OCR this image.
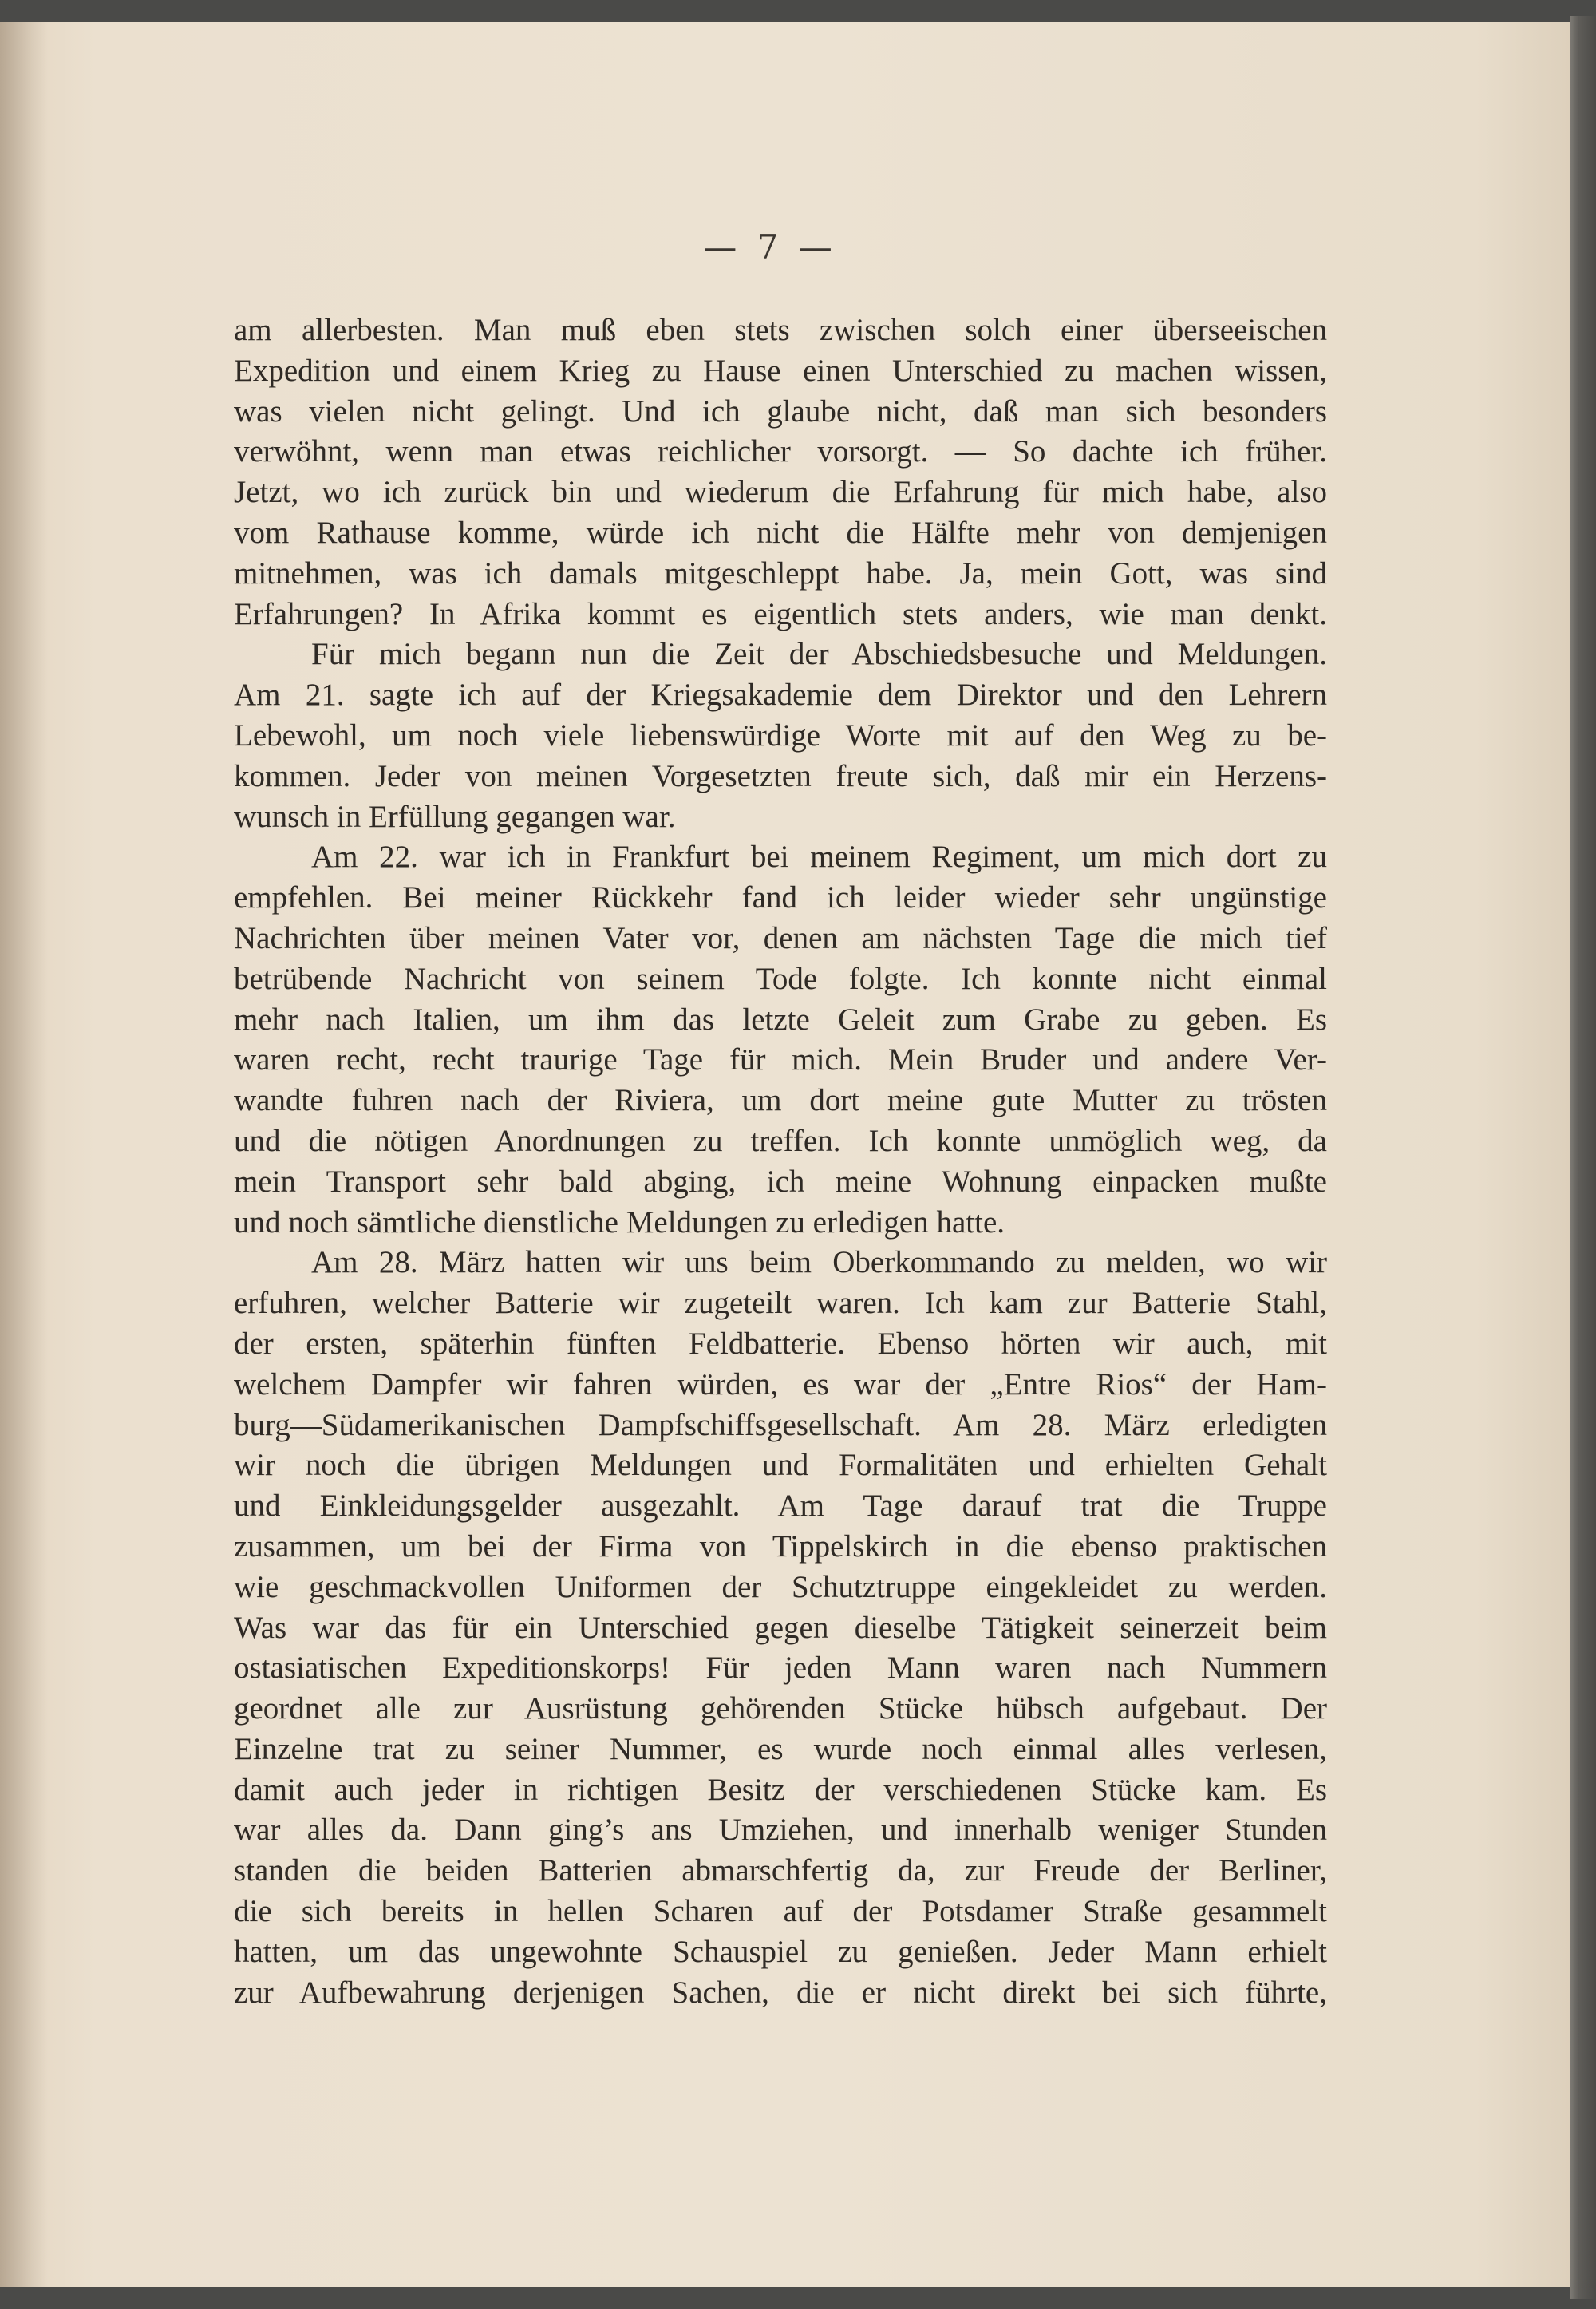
— 7 —
am allerbesten. Man muß eben stets zwischen solch einer überseeischen
Expedition und einem Krieg zu Hause einen Unterschied zu machen wissen,
was vielen nicht gelingt. Und ich glaube nicht, daß man sich besonders
verwöhnt, wenn man etwas reichlicher vorsorgt. — So dachte ich früher.
Jetzt, wo ich zurück bin und wiederum die Erfahrung für mich habe, also
vom Rathause komme, würde ich nicht die Hälfte mehr von demjenigen
mitnehmen, was ich damals mitgeschleppt habe. Ja, mein Gott, was sind
Erfahrungen? In Afrika kommt es eigentlich stets anders, wie man denkt.
Für mich begann nun die Zeit der Abschiedsbesuche und Meldungen.
Am 21. sagte ich auf der Kriegsakademie dem Direktor und den Lehrern
Lebewohl, um noch viele liebenswürdige Worte mit auf den Weg zu be-
kommen. Jeder von meinen Vorgesetzten freute sich, daß mir ein Herzens-
wunsch in Erfüllung gegangen war.
Am 22. war ich in Frankfurt bei meinem Regiment, um mich dort zu
empfehlen. Bei meiner Rückkehr fand ich leider wieder sehr ungünstige
Nachrichten über meinen Vater vor, denen am nächsten Tage die mich tief
betrübende Nachricht von seinem Tode folgte. Ich konnte nicht einmal
mehr nach Italien, um ihm das letzte Geleit zum Grabe zu geben. Es
waren recht, recht traurige Tage für mich. Mein Bruder und andere Ver-
wandte fuhren nach der Riviera, um dort meine gute Mutter zu trösten
und die nötigen Anordnungen zu treffen. Ich konnte unmöglich weg, da
mein Transport sehr bald abging, ich meine Wohnung einpacken mußte
und noch sämtliche dienstliche Meldungen zu erledigen hatte.
Am 28. März hatten wir uns beim Oberkommando zu melden, wo wir
erfuhren, welcher Batterie wir zugeteilt waren. Ich kam zur Batterie Stahl,
der ersten, späterhin fünften Feldbatterie. Ebenso hörten wir auch, mit
welchem Dampfer wir fahren würden, es war der „Entre Rios“ der Ham-
burg—Südamerikanischen Dampfschiffsgesellschaft. Am 28. März erledigten
wir noch die übrigen Meldungen und Formalitäten und erhielten Gehalt
und Einkleidungsgelder ausgezahlt. Am Tage darauf trat die Truppe
zusammen, um bei der Firma von Tippelskirch in die ebenso praktischen
wie geschmackvollen Uniformen der Schutztruppe eingekleidet zu werden.
Was war das für ein Unterschied gegen dieselbe Tätigkeit seinerzeit beim
ostasiatischen Expeditionskorps! Für jeden Mann waren nach Nummern
geordnet alle zur Ausrüstung gehörenden Stücke hübsch aufgebaut. Der
Einzelne trat zu seiner Nummer, es wurde noch einmal alles verlesen,
damit auch jeder in richtigen Besitz der verschiedenen Stücke kam. Es
war alles da. Dann ging’s ans Umziehen, und innerhalb weniger Stunden
standen die beiden Batterien abmarschfertig da, zur Freude der Berliner,
die sich bereits in hellen Scharen auf der Potsdamer Straße gesammelt
hatten, um das ungewohnte Schauspiel zu genießen. Jeder Mann erhielt
zur Aufbewahrung derjenigen Sachen, die er nicht direkt bei sich führte,
